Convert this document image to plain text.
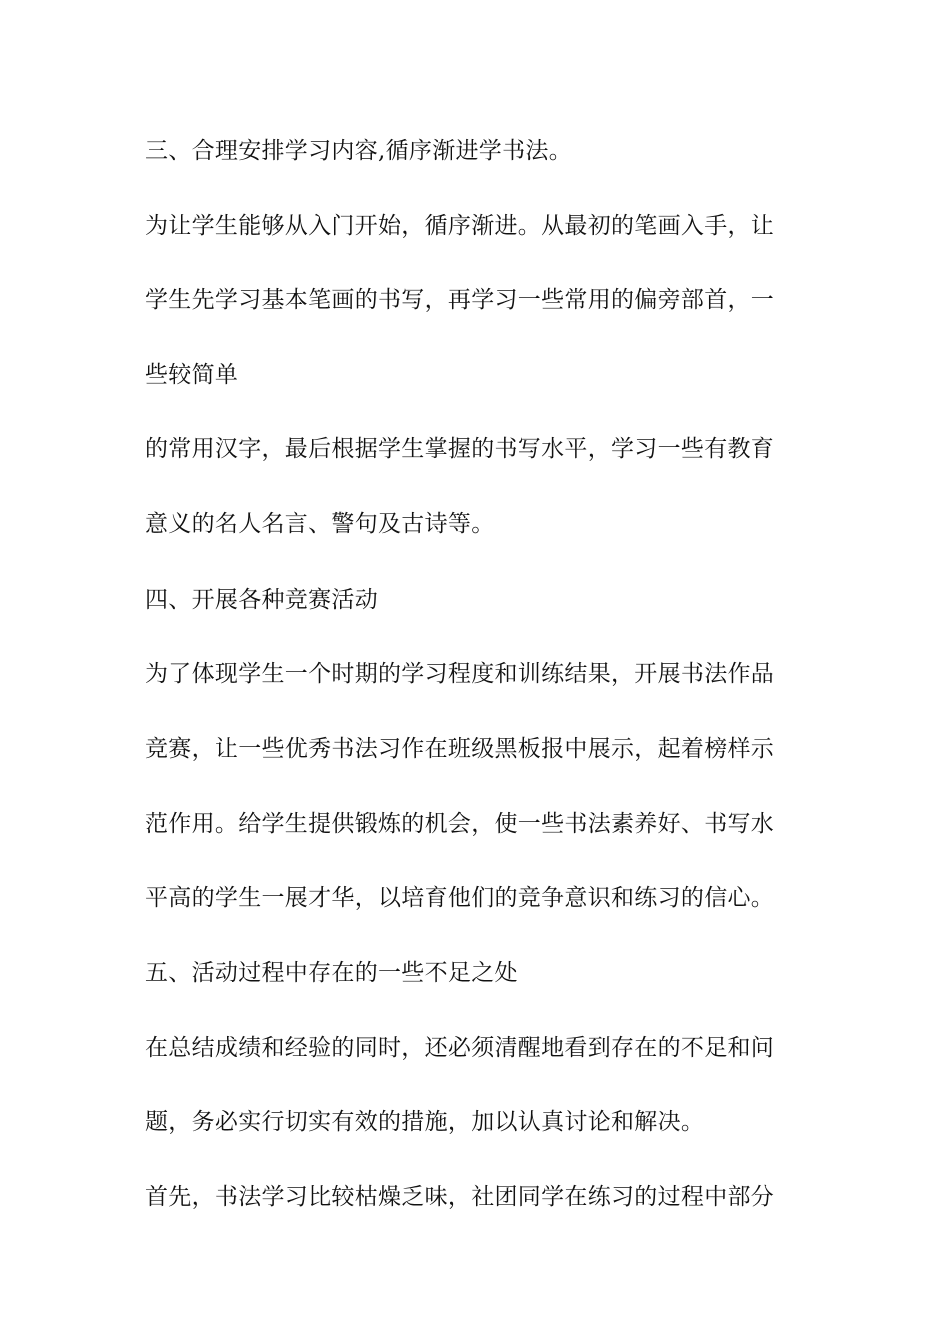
三、合理安排学习内容,循序渐进学书法。
为让学生能够从入门开始，循序渐进。从最初的笔画入手，让
学生先学习基本笔画的书写，再学习一些常用的偏旁部首，一
些较简单
的常用汉字，最后根据学生掌握的书写水平，学习一些有教育
意义的名人名言、警句及古诗等。
四、开展各种竞赛活动
为了体现学生一个时期的学习程度和训练结果，开展书法作品
竞赛，让一些优秀书法习作在班级黑板报中展示，起着榜样示
范作用。给学生提供锻炼的机会，使一些书法素养好、书写水
平高的学生一展才华，以培育他们的竞争意识和练习的信心。
五、活动过程中存在的一些不足之处
在总结成绩和经验的同时，还必须清醒地看到存在的不足和问
题，务必实行切实有效的措施，加以认真讨论和解决。
首先，书法学习比较枯燥乏味，社团同学在练习的过程中部分
